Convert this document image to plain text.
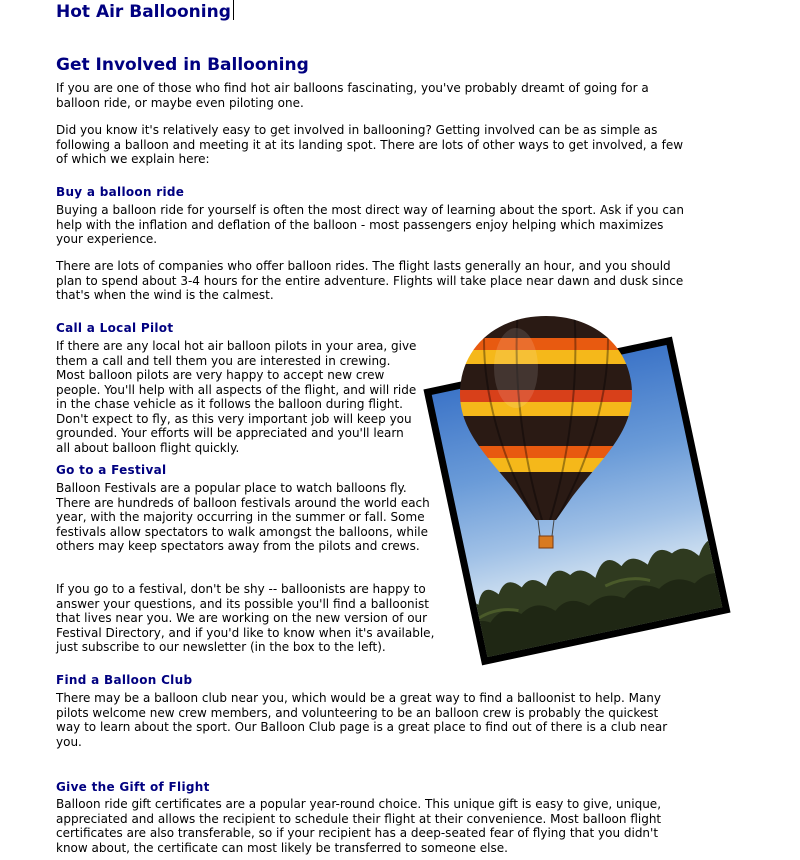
Hot Air Ballooning
Get Involved in Ballooning

If you are one of those who find hot air balloons fascinating, you've probably dreamt of going for a balloon ride, or maybe even piloting one.

Did you know it's relatively easy to get involved in ballooning? Getting involved can be as simple as following a balloon and meeting it at its landing spot. There are lots of other ways to get involved, a few of which we explain here:

Buy a balloon ride

Buying a balloon ride for yourself is often the most direct way of learning about the sport. Ask if you can help with the inflation and deflation of the balloon - most passengers enjoy helping which maximizes your experience.

There are lots of companies who offer balloon rides. The flight lasts generally an hour, and you should plan to spend about 3-4 hours for the entire adventure. Flights will take place near dawn and dusk since that's when the wind is the calmest.

Call a Local Pilot

If there are any local hot air balloon pilots in your area, give them a call and tell them you are interested in crewing. Most balloon pilots are very happy to accept new crew people. You'll help with all aspects of the flight, and will ride in the chase vehicle as it follows the balloon during flight. Don't expect to fly, as this very important job will keep you grounded. Your efforts will be appreciated and you'll learn all about balloon flight quickly.

Go to a Festival

Balloon Festivals are a popular place to watch balloons fly. There are hundreds of balloon festivals around the world each year, with the majority occurring in the summer or fall. Some festivals allow spectators to walk amongst the balloons, while others may keep spectators away from the pilots and crews.

If you go to a festival, don't be shy -- balloonists are happy to answer your questions, and its possible you'll find a balloonist that lives near you. We are working on the new version of our Festival Directory, and if you'd like to know when it's available, just subscribe to our newsletter (in the box to the left).

Find a Balloon Club

There may be a balloon club near you, which would be a great way to find a balloonist to help. Many pilots welcome new crew members, and volunteering to be an balloon crew is probably the quickest way to learn about the sport. Our Balloon Club page is a great place to find out of there is a club near you.

Give the Gift of Flight

Balloon ride gift certificates are a popular year-round choice. This unique gift is easy to give, unique, appreciated and allows the recipient to schedule their flight at their convenience. Most balloon flight certificates are also transferable, so if your recipient has a deep-seated fear of flying that you didn't know about, the certificate can most likely be transferred to someone else.
